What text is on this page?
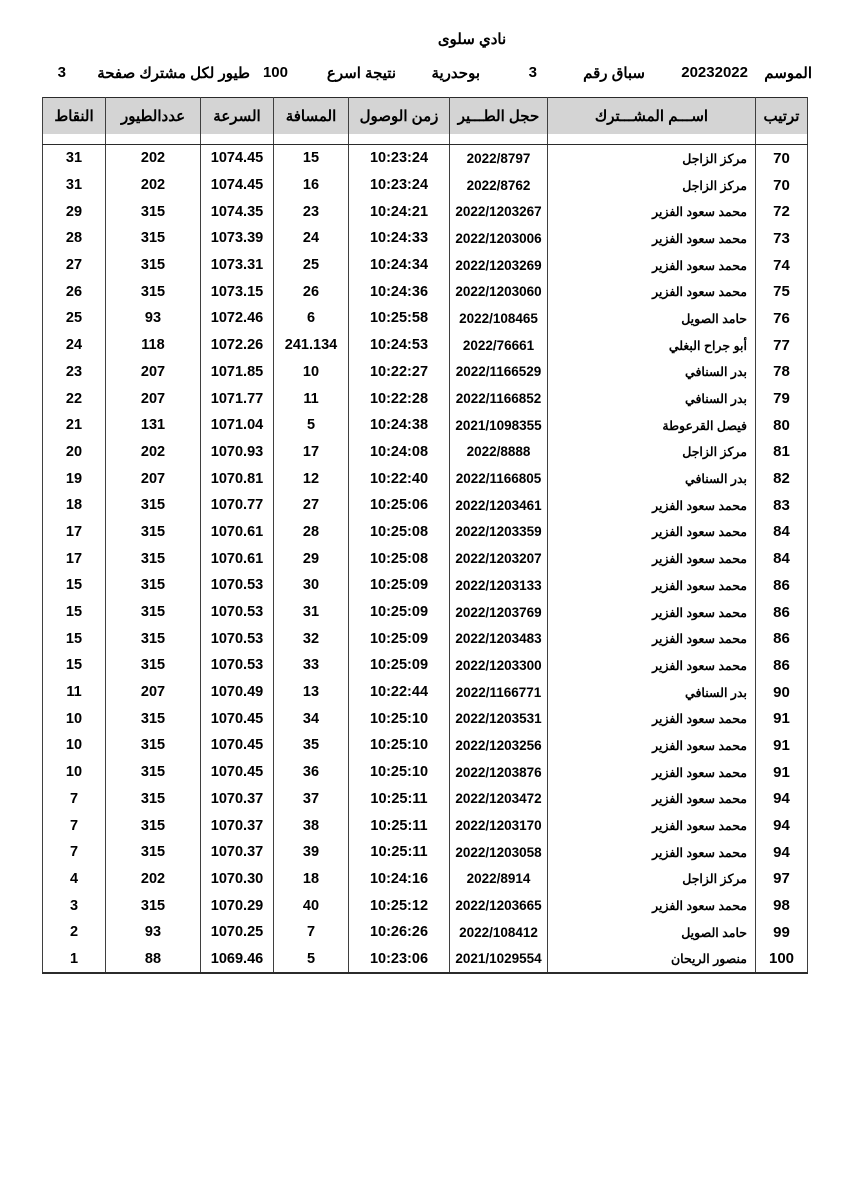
نادي سلوى
الموسم
20232022
سباق رقم
3
بوحدرية
نتيجة اسرع
100
طيور لكل مشترك صفحة
3
ترتيب	اســـم المشـــترك	حجل الطـــير	زمن الوصول	المسافة	السرعة	عددالطيور	النقاط

70	مركز الزاجل	2022/8797	10:23:24	15	1074.45	202	31
70	مركز الزاجل	2022/8762	10:23:24	16	1074.45	202	31
72	محمد سعود الفزير	2022/1203267	10:24:21	23	1074.35	315	29
73	محمد سعود الفزير	2022/1203006	10:24:33	24	1073.39	315	28
74	محمد سعود الفزير	2022/1203269	10:24:34	25	1073.31	315	27
75	محمد سعود الفزير	2022/1203060	10:24:36	26	1073.15	315	26
76	حامد الصويل	2022/108465	10:25:58	6	1072.46	93	25
77	أبو جراح البغلي	2022/76661	10:24:53	241.134	1072.26	118	24
78	بدر السنافي	2022/1166529	10:22:27	10	1071.85	207	23
79	بدر السنافي	2022/1166852	10:22:28	11	1071.77	207	22
80	فيصل القرعوطة	2021/1098355	10:24:38	5	1071.04	131	21
81	مركز الزاجل	2022/8888	10:24:08	17	1070.93	202	20
82	بدر السنافي	2022/1166805	10:22:40	12	1070.81	207	19
83	محمد سعود الفزير	2022/1203461	10:25:06	27	1070.77	315	18
84	محمد سعود الفزير	2022/1203359	10:25:08	28	1070.61	315	17
84	محمد سعود الفزير	2022/1203207	10:25:08	29	1070.61	315	17
86	محمد سعود الفزير	2022/1203133	10:25:09	30	1070.53	315	15
86	محمد سعود الفزير	2022/1203769	10:25:09	31	1070.53	315	15
86	محمد سعود الفزير	2022/1203483	10:25:09	32	1070.53	315	15
86	محمد سعود الفزير	2022/1203300	10:25:09	33	1070.53	315	15
90	بدر السنافي	2022/1166771	10:22:44	13	1070.49	207	11
91	محمد سعود الفزير	2022/1203531	10:25:10	34	1070.45	315	10
91	محمد سعود الفزير	2022/1203256	10:25:10	35	1070.45	315	10
91	محمد سعود الفزير	2022/1203876	10:25:10	36	1070.45	315	10
94	محمد سعود الفزير	2022/1203472	10:25:11	37	1070.37	315	7
94	محمد سعود الفزير	2022/1203170	10:25:11	38	1070.37	315	7
94	محمد سعود الفزير	2022/1203058	10:25:11	39	1070.37	315	7
97	مركز الزاجل	2022/8914	10:24:16	18	1070.30	202	4
98	محمد سعود الفزير	2022/1203665	10:25:12	40	1070.29	315	3
99	حامد الصويل	2022/108412	10:26:26	7	1070.25	93	2
100	منصور الريحان	2021/1029554	10:23:06	5	1069.46	88	1
